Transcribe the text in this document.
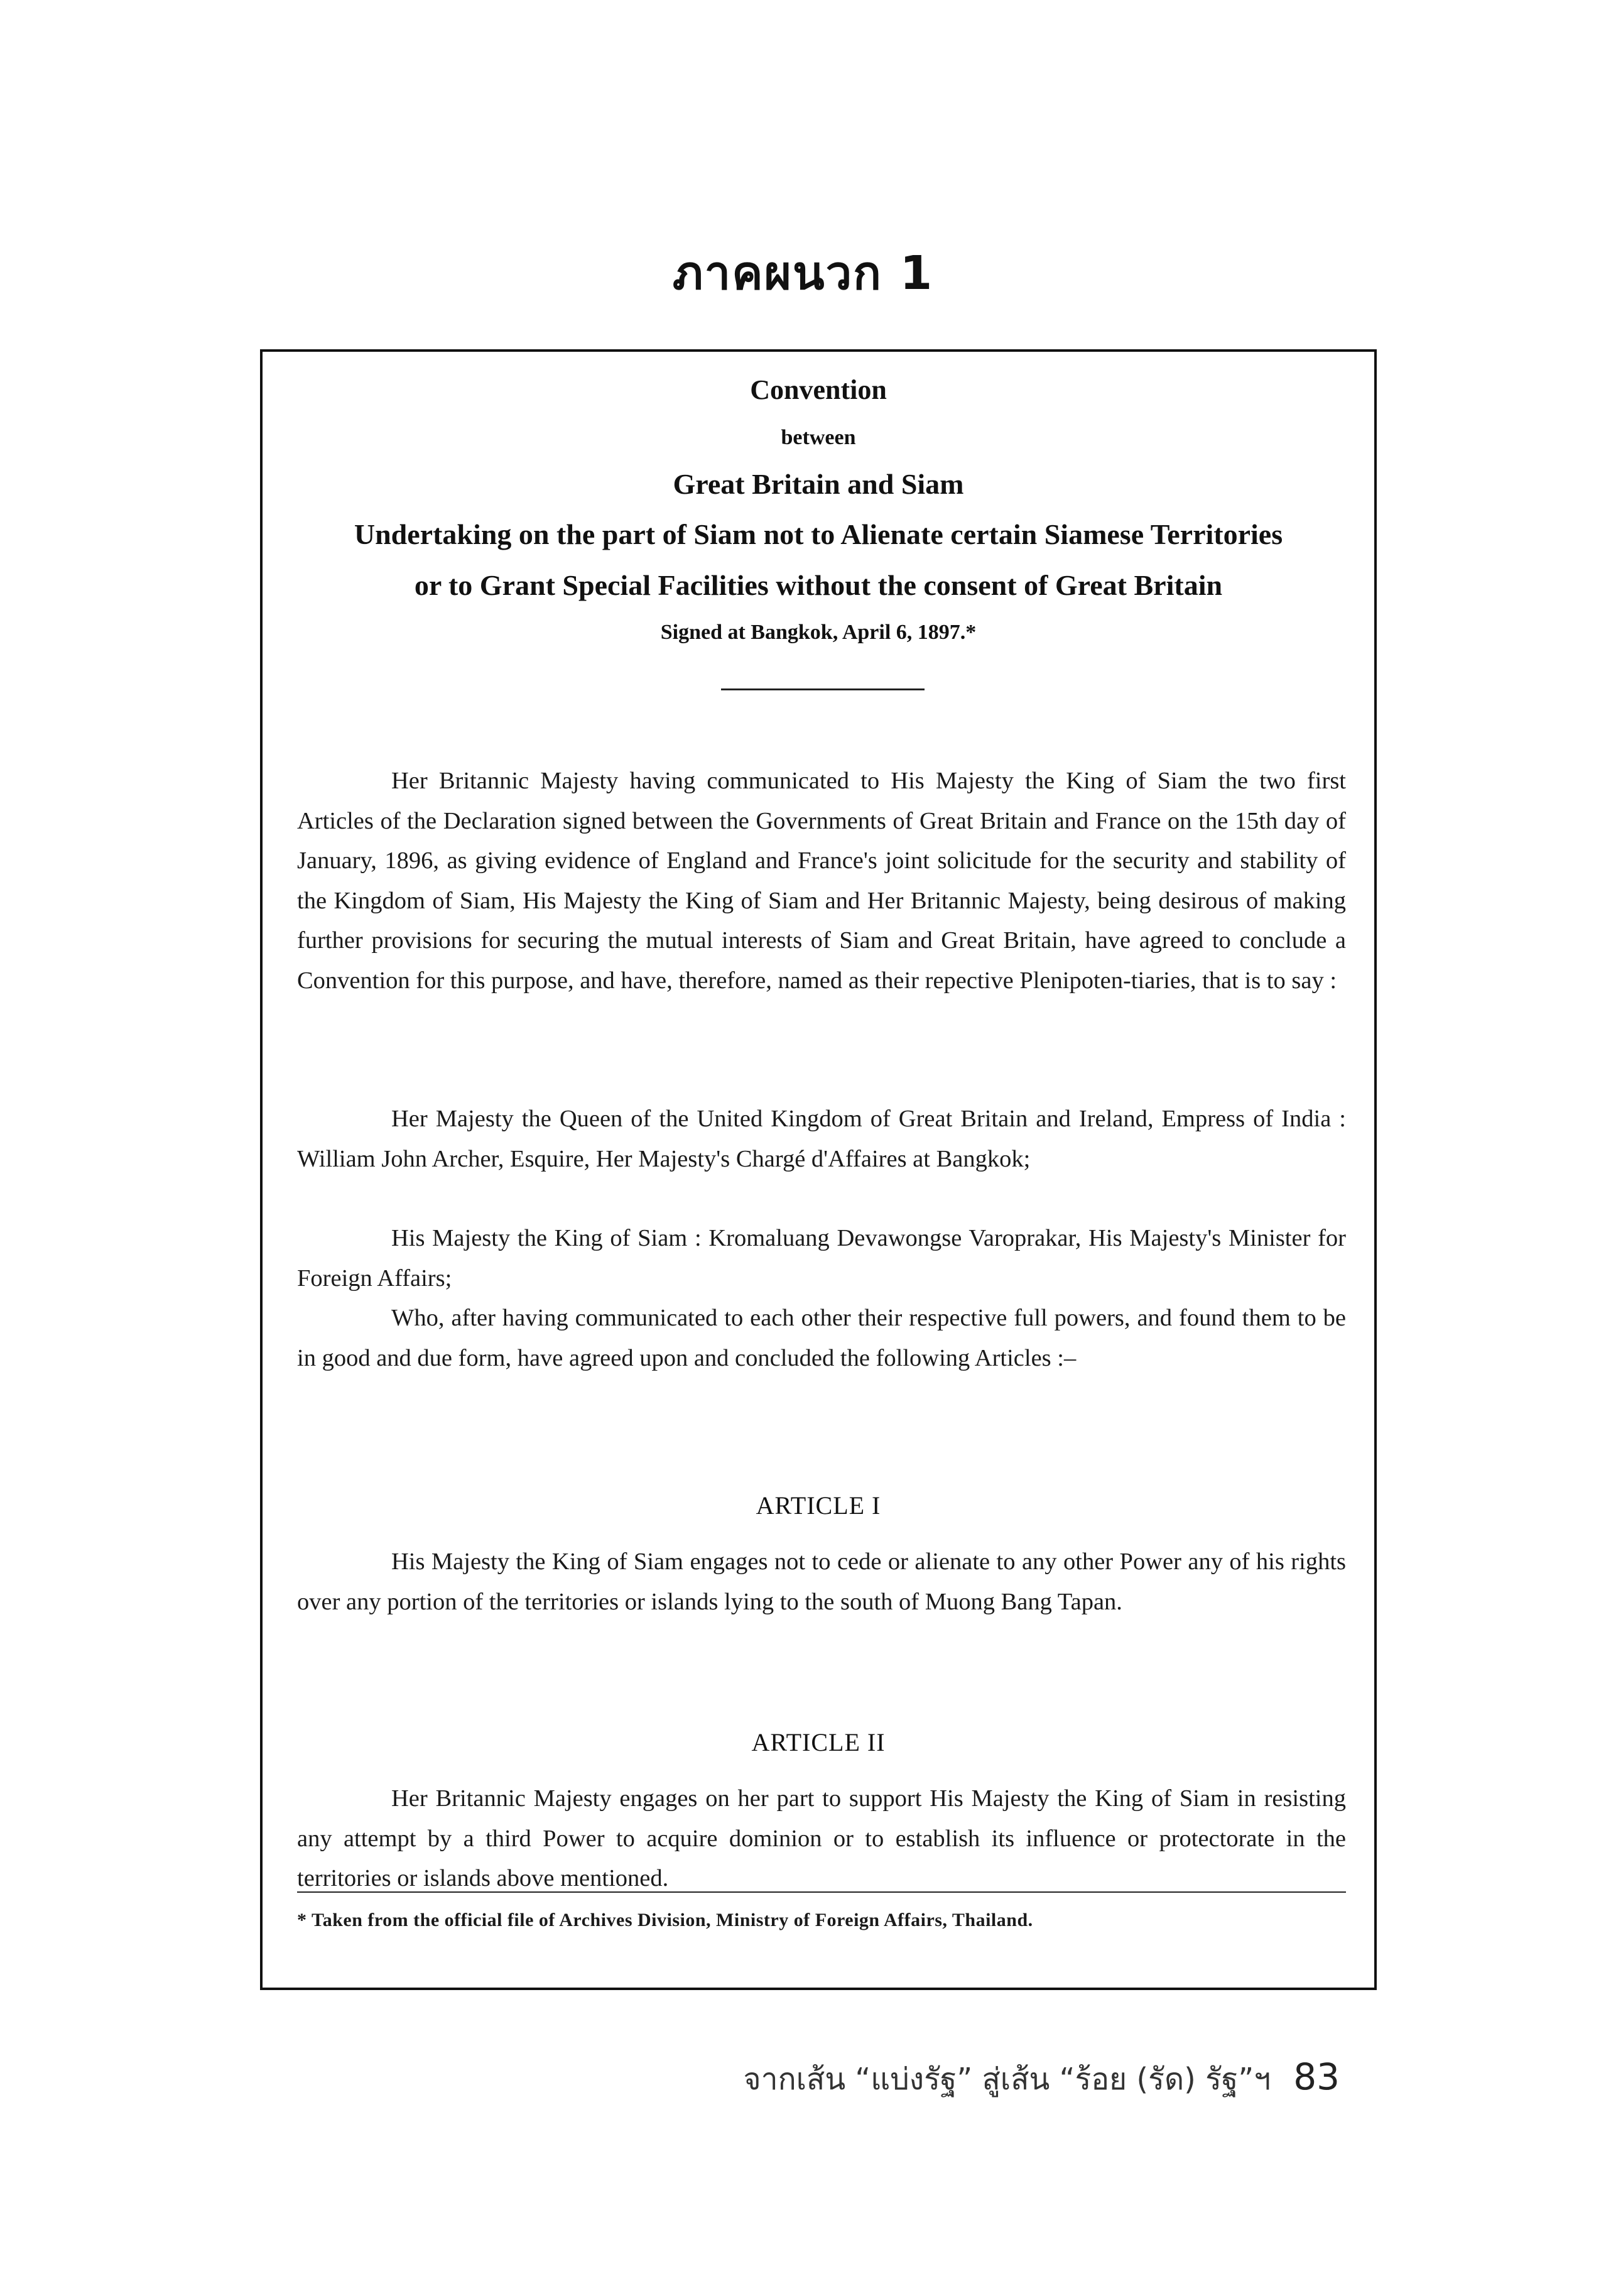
ภาคผนวก 1
Convention
between
Great Britain and Siam
Undertaking on the part of Siam not to Alienate certain Siamese Territories
or to Grant Special Facilities without the consent of Great Britain
Signed at Bangkok, April 6, 1897.*
Her Britannic Majesty having communicated to His Majesty the King of Siam the two first Articles of the Declaration signed between the Governments of Great Britain and France on the 15th day of January, 1896, as giving evidence of England and France's joint solicitude for the security and stability of the Kingdom of Siam, His Majesty the King of Siam and Her Britannic Majesty, being desirous of making further provisions for securing the mutual interests of Siam and Great Britain, have agreed to conclude a Convention for this purpose, and have, therefore, named as their repective Plenipoten-tiaries, that is to say :
Her Majesty the Queen of the United Kingdom of Great Britain and Ireland, Empress of India : William John Archer, Esquire, Her Majesty's Chargé d'Affaires at Bangkok;
His Majesty the King of Siam : Kromaluang Devawongse Varoprakar, His Majesty's Minister for Foreign Affairs;
Who, after having communicated to each other their respective full powers, and found them to be in good and due form, have agreed upon and concluded the following Articles :–
ARTICLE I
His Majesty the King of Siam engages not to cede or alienate to any other Power any of his rights over any portion of the territories or islands lying to the south of Muong Bang Tapan.
ARTICLE II
Her Britannic Majesty engages on her part to support His Majesty the King of Siam in resisting any attempt by a third Power to acquire dominion or to establish its influence or protectorate in the territories or islands above mentioned.
* Taken from the official file of Archives Division, Ministry of Foreign Affairs, Thailand.
จากเส้น “แบ่งรัฐ” สู่เส้น “ร้อย (รัด) รัฐ”ฯ 83
